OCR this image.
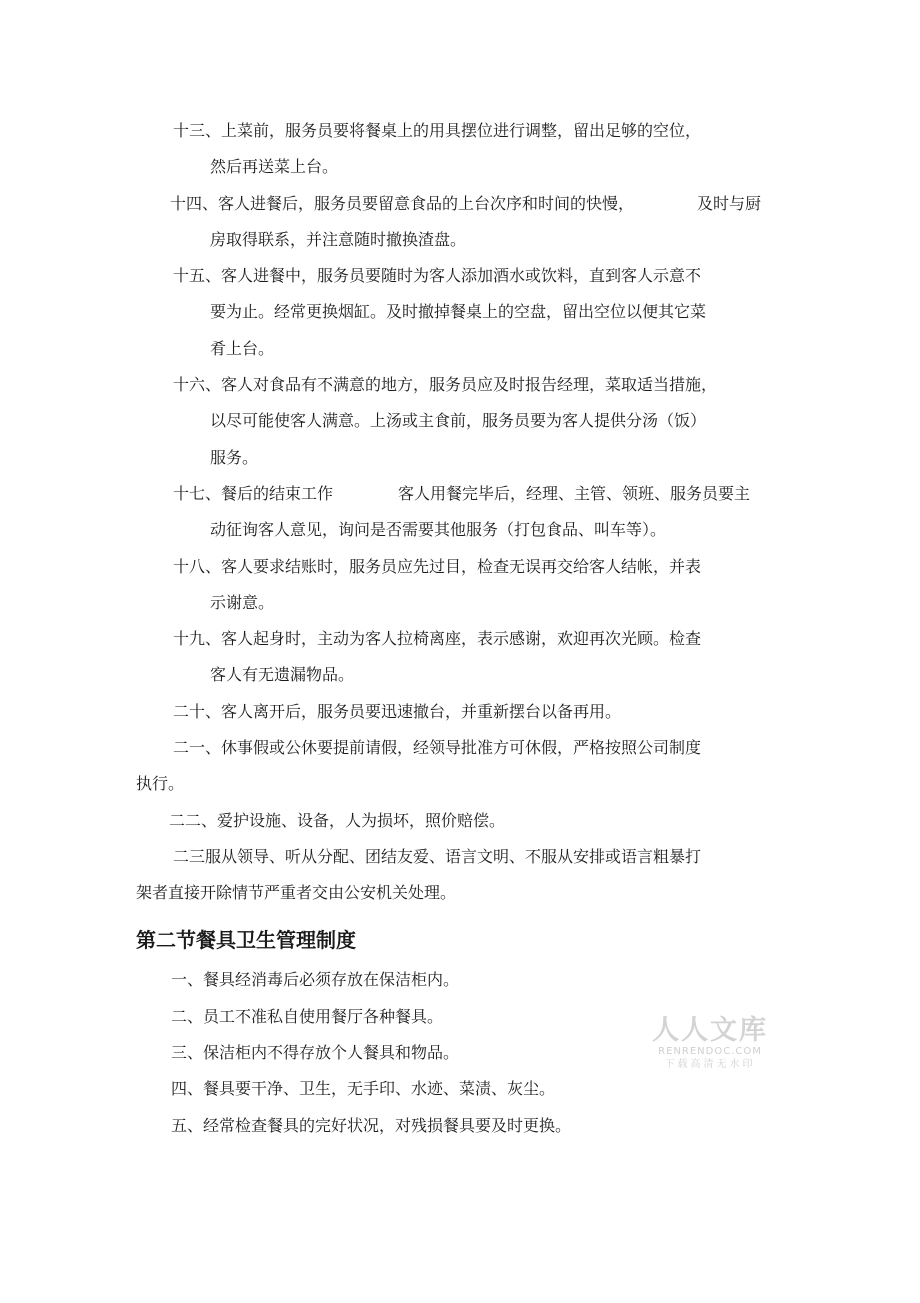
十三、上菜前，服务员要将餐桌上的用具摆位进行调整，留出足够的空位，

然后再送菜上台。

十四、客人进餐后，服务员要留意食品的上台次序和时间的快慢，	及时与厨

房取得联系，并注意随时撤换渣盘。

十五、客人进餐中，服务员要随时为客人添加酒水或饮料，直到客人示意不

要为止。经常更换烟缸。及时撤掉餐桌上的空盘，留出空位以便其它菜

肴上台。

十六、客人对食品有不满意的地方，服务员应及时报告经理，菜取适当措施，

以尽可能使客人满意。上汤或主食前，服务员要为客人提供分汤（饭）

服务。

十七、餐后的结束工作	客人用餐完毕后，经理、主管、领班、服务员要主

动征询客人意见，询问是否需要其他服务（打包食品、叫车等）。

十八、客人要求结账时，服务员应先过目，检查无误再交给客人结帐，并表

示谢意。

十九、客人起身时，主动为客人拉椅离座，表示感谢，欢迎再次光顾。检查

客人有无遗漏物品。

二十、客人离开后，服务员要迅速撤台，并重新摆台以备再用。

二一、休事假或公休要提前请假，经领导批准方可休假，严格按照公司制度

执行。

二二、爱护设施、设备，人为损坏，照价赔偿。

二三服从领导、听从分配、团结友爱、语言文明、不服从安排或语言粗暴打

架者直接开除情节严重者交由公安机关处理。

第二节餐具卫生管理制度

一、餐具经消毒后必须存放在保洁柜内。

二、员工不准私自使用餐厅各种餐具。

三、保洁柜内不得存放个人餐具和物品。

四、餐具要干净、卫生，无手印、水迹、菜渍、灰尘。

五、经常检查餐具的完好状况，对残损餐具要及时更换。

人人文库
RENRENDOC.COM
下载高清无水印
